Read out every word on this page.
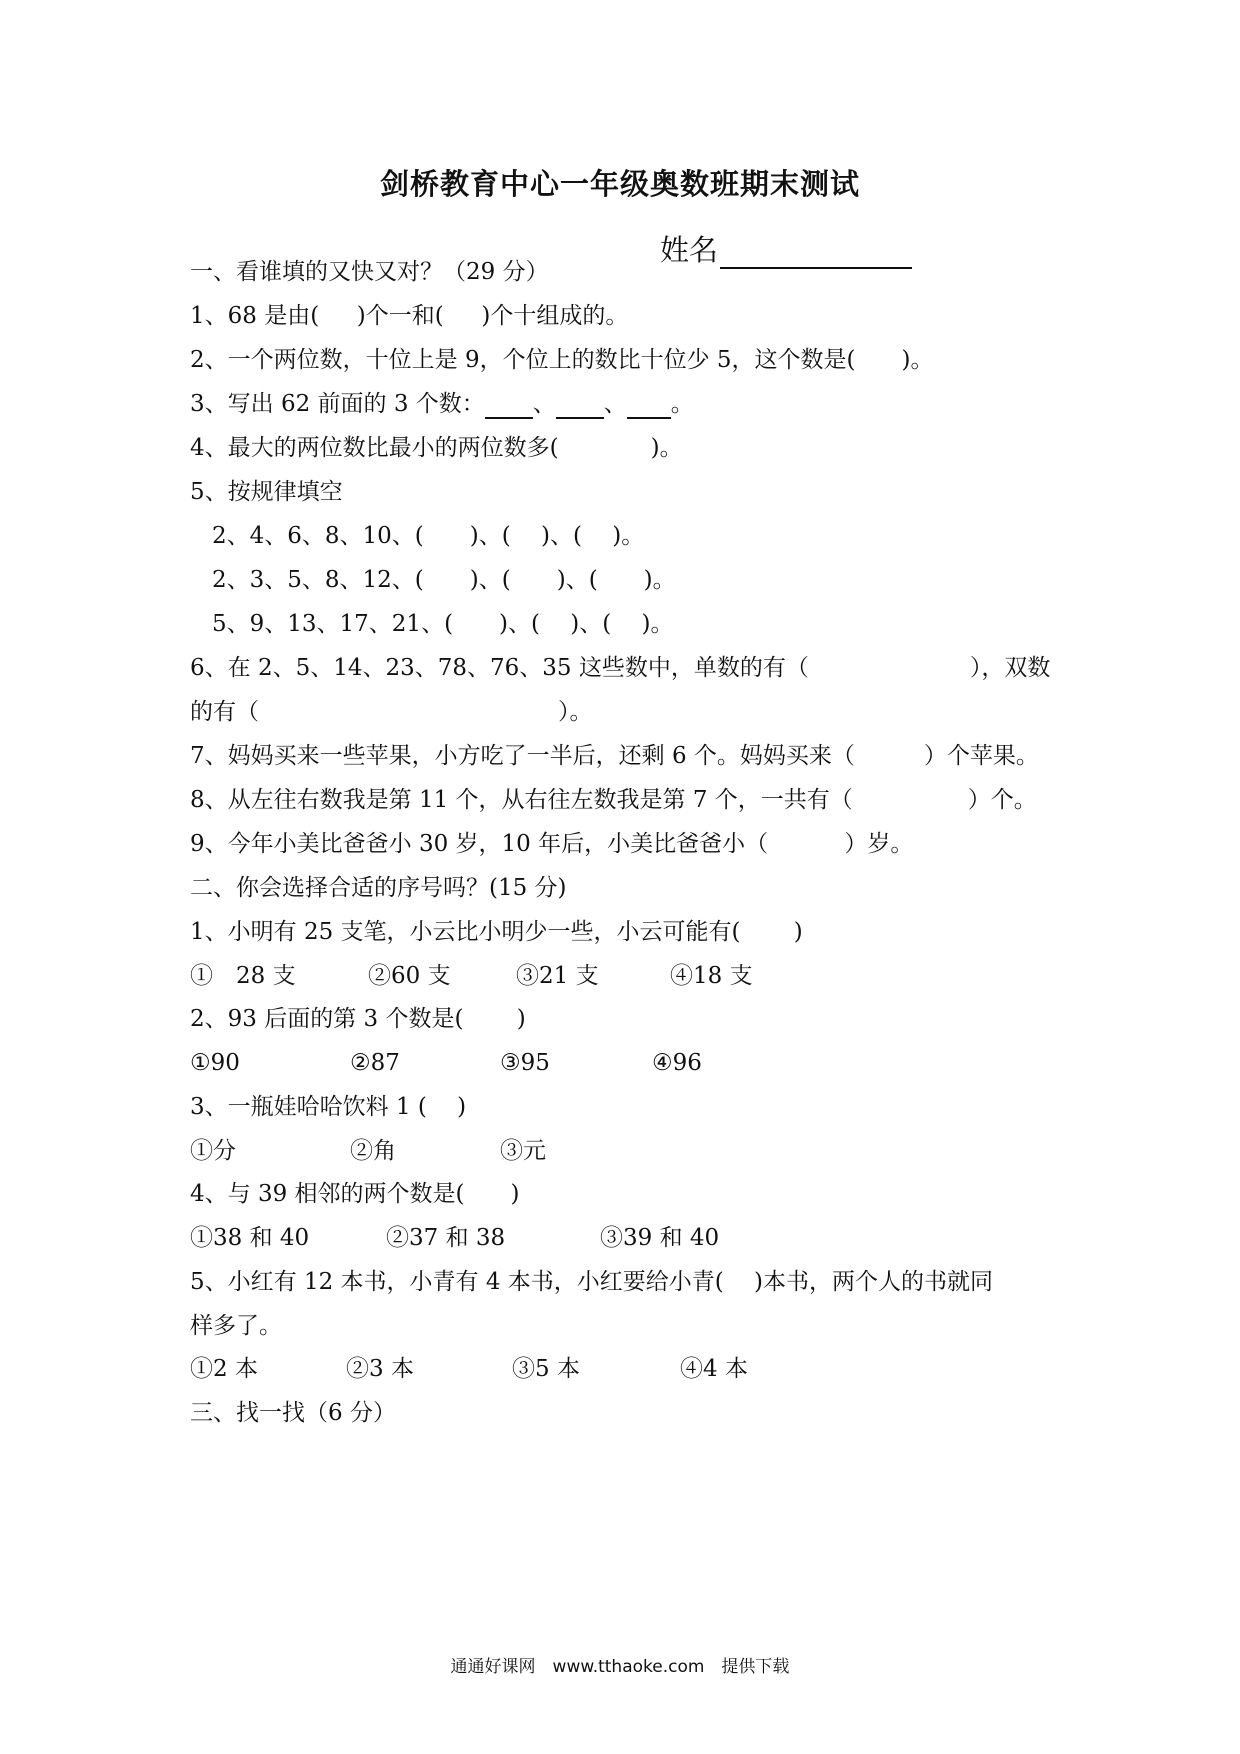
剑桥教育中心一年级奥数班期末测试
姓名
一、看谁填的又快又对？（29 分）
1、68 是由(　  )个一和(　  )个十组成的。
2、一个两位数，十位上是 9，个位上的数比十位少 5，这个数是(　　)。
3、写出 62 前面的 3 个数： 、 、 。
4、最大的两位数比最小的两位数多(　　　　)。
5、按规律填空
2、4、6、8、10、(　　)、(　 )、(　 )。
2、3、5、8、12、(　　)、(　　)、(　　)。
5、9、13、17、21、(　　)、(　 )、(　 )。
6、在 2、5、14、23、78、76、35 这些数中，单数的有（　　　　　　　），双数
的有（　　　　　　　　　　　　　）。
7、妈妈买来一些苹果，小方吃了一半后，还剩 6 个。妈妈买来（　　　）个苹果。
8、从左往右数我是第 11 个，从右往左数我是第 7 个，一共有（　　　　　）个。
9、今年小美比爸爸小 30 岁，10 年后，小美比爸爸小（　　　 ）岁。
二、你会选择合适的序号吗？(15 分)
1、小明有 25 支笔，小云比小明少一些，小云可能有(　　 )
①　28 支	②60 支	③21 支	④18 支
2、93 后面的第 3 个数是(　　 )
①90	②87	③95	④96
3、一瓶娃哈哈饮料 1 (　 )
①分	②角	③元
4、与 39 相邻的两个数是(　　)
①38 和 40	②37 和 38	③39 和 40
5、小红有 12 本书，小青有 4 本书，小红要给小青(　 )本书，两个人的书就同
样多了。
①2 本	②3 本	③5 本	④4 本
三、找一找（6 分）
通通好课网　www.tthaoke.com　提供下载
